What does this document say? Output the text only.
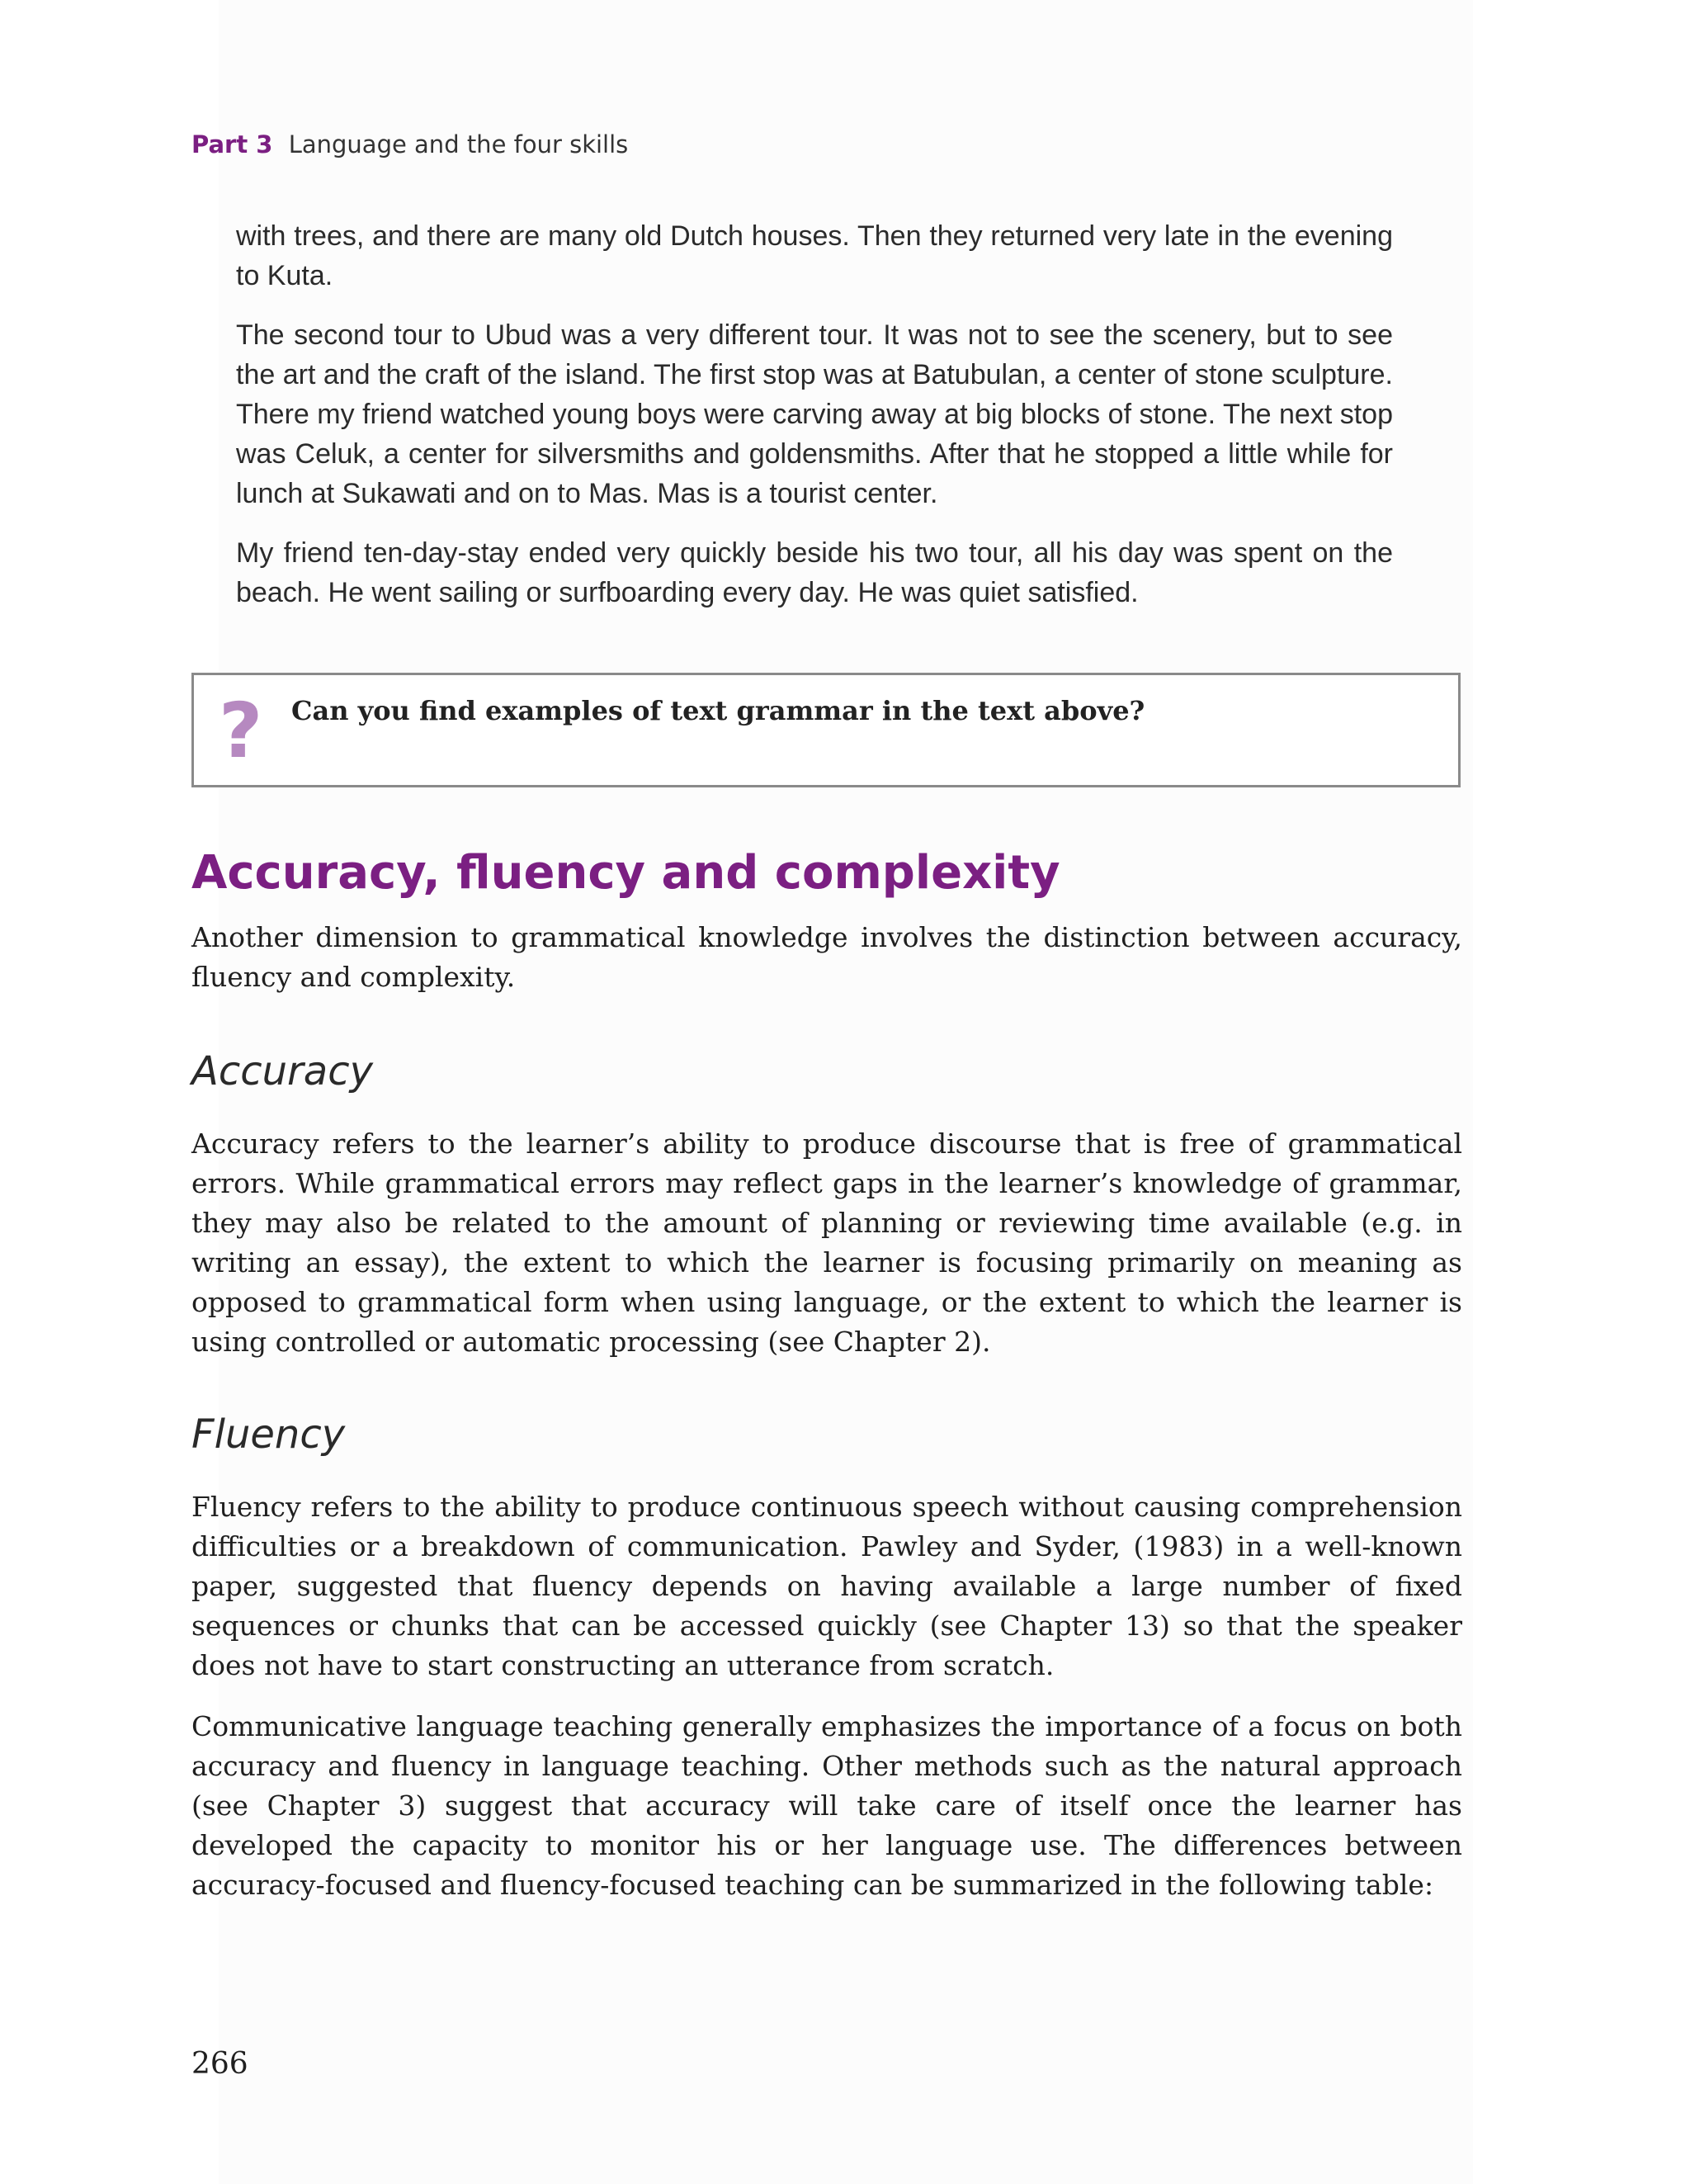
Part 3 Language and the four skills

with trees, and there are many old Dutch houses. Then they returned very late in the evening to Kuta.

The second tour to Ubud was a very different tour. It was not to see the scenery, but to see the art and the craft of the island. The first stop was at Batubulan, a center of stone sculpture. There my friend watched young boys were carving away at big blocks of stone. The next stop was Celuk, a center for silversmiths and goldensmiths. After that he stopped a little while for lunch at Sukawati and on to Mas. Mas is a tourist center.

My friend ten-day-stay ended very quickly beside his two tour, all his day was spent on the beach. He went sailing or surfboarding every day. He was quiet satisfied.

? Can you find examples of text grammar in the text above?
Accuracy, fluency and complexity

Another dimension to grammatical knowledge involves the distinction between accuracy, fluency and complexity.

Accuracy

Accuracy refers to the learner’s ability to produce discourse that is free of grammatical errors. While grammatical errors may reflect gaps in the learner’s knowledge of grammar, they may also be related to the amount of planning or reviewing time available (e.g. in writing an essay), the extent to which the learner is focusing primarily on meaning as opposed to grammatical form when using language, or the extent to which the learner is using controlled or automatic processing (see Chapter 2).

Fluency

Fluency refers to the ability to produce continuous speech without causing comprehension difficulties or a breakdown of communication. Pawley and Syder, (1983) in a well-known paper, suggested that fluency depends on having available a large number of fixed sequences or chunks that can be accessed quickly (see Chapter 13) so that the speaker does not have to start constructing an utterance from scratch.

Communicative language teaching generally emphasizes the importance of a focus on both accuracy and fluency in language teaching. Other methods such as the natural approach (see Chapter 3) suggest that accuracy will take care of itself once the learner has developed the capacity to monitor his or her language use. The differences between accuracy-focused and fluency-focused teaching can be summarized in the following table:

266
